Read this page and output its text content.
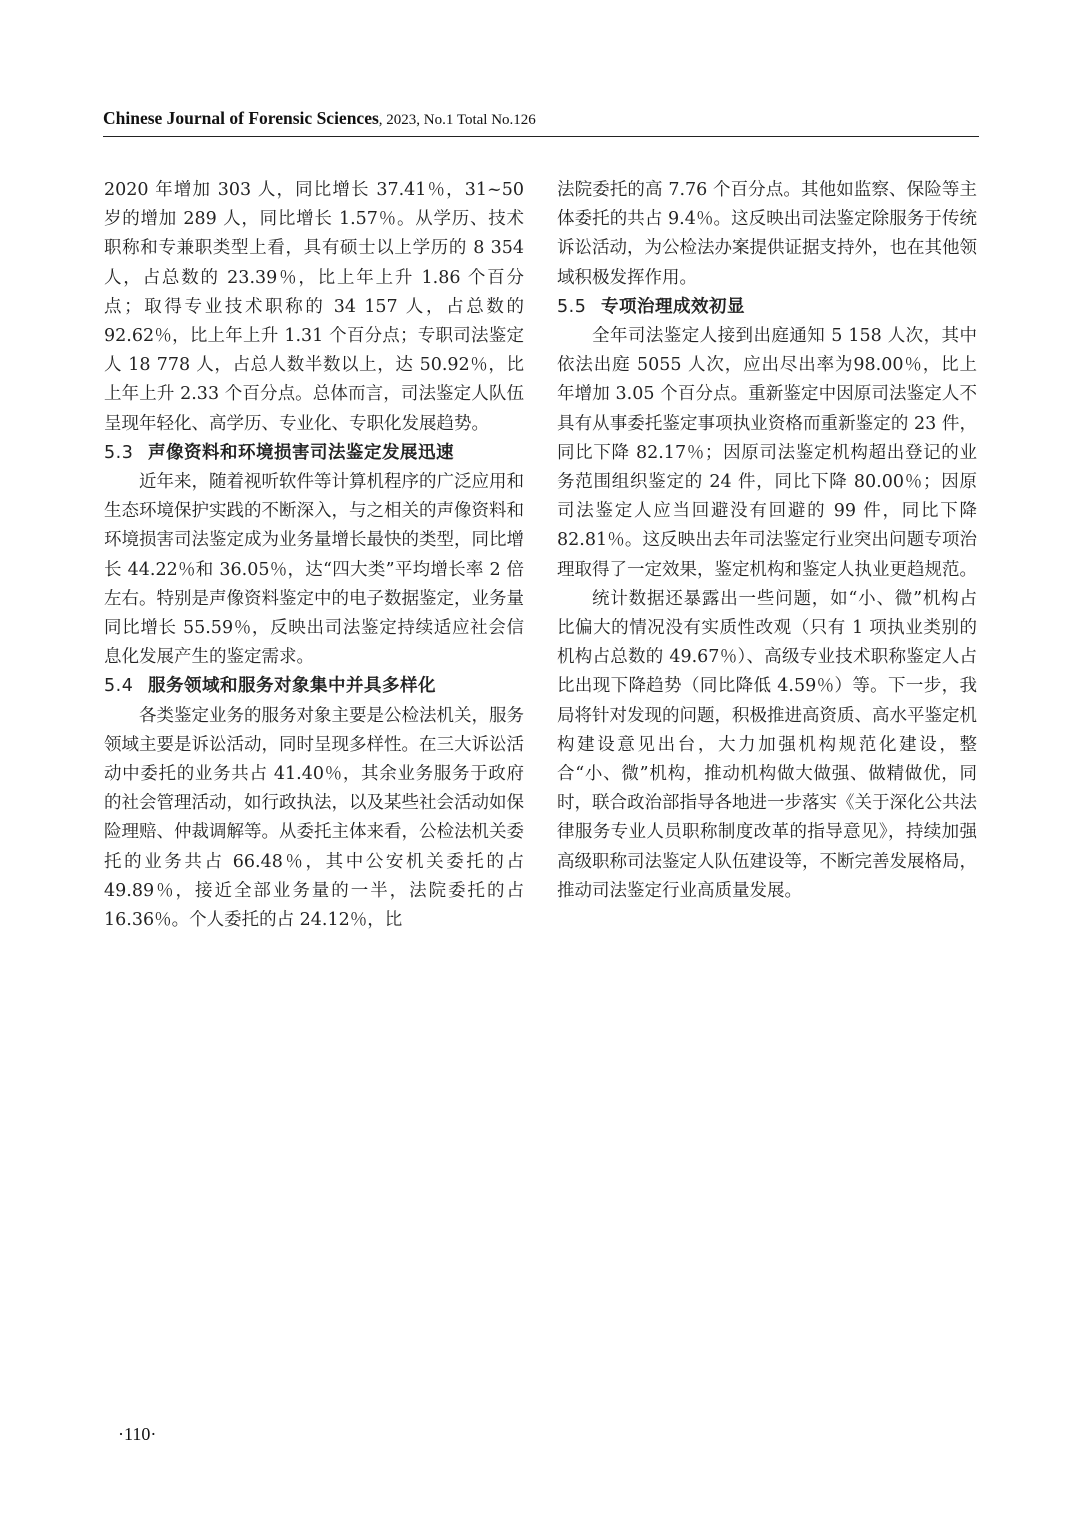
Chinese Journal of Forensic Sciences, 2023, No.1 Total No.126

2020 年增加 303 人，同比增长 37.41％，31~50 岁的增加 289 人，同比增长 1.57％。从学历、技术职称和专兼职类型上看，具有硕士以上学历的 8 354 人，占总数的 23.39％，比上年上升 1.86 个百分点；取得专业技术职称的 34 157 人，占总数的 92.62％，比上年上升 1.31 个百分点；专职司法鉴定人 18 778 人，占总人数半数以上，达 50.92％，比上年上升 2.33 个百分点。总体而言，司法鉴定人队伍呈现年轻化、高学历、专业化、专职化发展趋势。

5.3 声像资料和环境损害司法鉴定发展迅速

近年来，随着视听软件等计算机程序的广泛应用和生态环境保护实践的不断深入，与之相关的声像资料和环境损害司法鉴定成为业务量增长最快的类型，同比增长 44.22％和 36.05％，达“四大类”平均增长率 2 倍左右。特别是声像资料鉴定中的电子数据鉴定，业务量同比增长 55.59％，反映出司法鉴定持续适应社会信息化发展产生的鉴定需求。

5.4 服务领域和服务对象集中并具多样化

各类鉴定业务的服务对象主要是公检法机关，服务领域主要是诉讼活动，同时呈现多样性。在三大诉讼活动中委托的业务共占 41.40％，其余业务服务于政府的社会管理活动，如行政执法，以及某些社会活动如保险理赔、仲裁调解等。从委托主体来看，公检法机关委托的业务共占 66.48％，其中公安机关委托的占 49.89％，接近全部业务量的一半，法院委托的占 16.36％。个人委托的占 24.12％，比

法院委托的高 7.76 个百分点。其他如监察、保险等主体委托的共占 9.4％。这反映出司法鉴定除服务于传统诉讼活动，为公检法办案提供证据支持外，也在其他领域积极发挥作用。

5.5 专项治理成效初显

全年司法鉴定人接到出庭通知 5 158 人次，其中依法出庭 5055 人次，应出尽出率为98.00％，比上年增加 3.05 个百分点。重新鉴定中因原司法鉴定人不具有从事委托鉴定事项执业资格而重新鉴定的 23 件，同比下降 82.17％；因原司法鉴定机构超出登记的业务范围组织鉴定的 24 件，同比下降 80.00％；因原司法鉴定人应当回避没有回避的 99 件，同比下降 82.81％。这反映出去年司法鉴定行业突出问题专项治理取得了一定效果，鉴定机构和鉴定人执业更趋规范。

统计数据还暴露出一些问题，如“小、微”机构占比偏大的情况没有实质性改观（只有 1 项执业类别的机构占总数的 49.67％）、高级专业技术职称鉴定人占比出现下降趋势（同比降低 4.59％）等。下一步，我局将针对发现的问题，积极推进高资质、高水平鉴定机构建设意见出台，大力加强机构规范化建设，整合“小、微”机构，推动机构做大做强、做精做优，同时，联合政治部指导各地进一步落实《关于深化公共法律服务专业人员职称制度改革的指导意见》，持续加强高级职称司法鉴定人队伍建设等，不断完善发展格局，推动司法鉴定行业高质量发展。

·110·
